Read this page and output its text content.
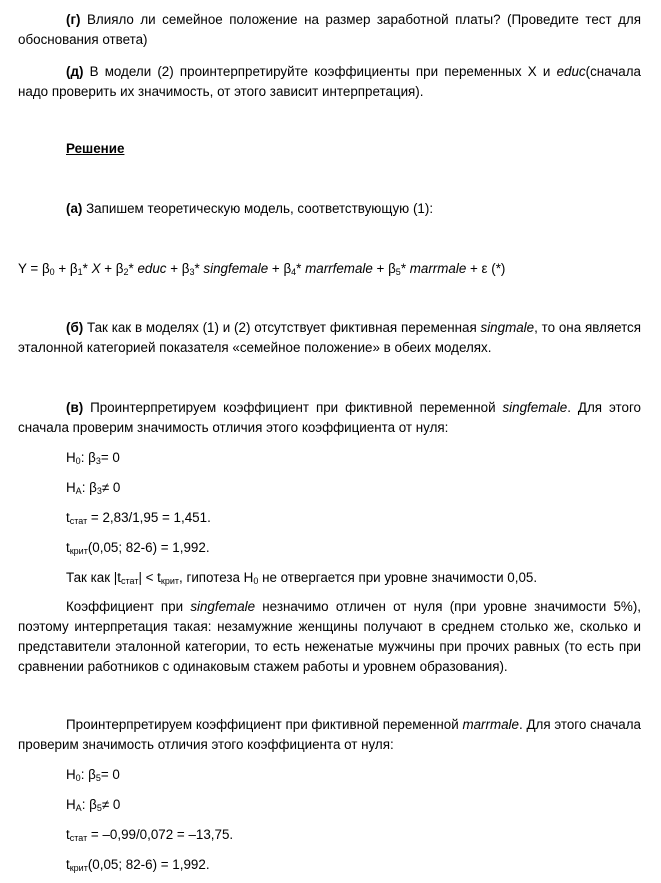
(г) Влияло ли семейное положение на размер заработной платы? (Проведите тест для обоснования ответа)

(д) В модели (2) проинтерпретируйте коэффициенты при переменных X и educ(сначала надо проверить их значимость, от этого зависит интерпретация).

Решение

(а) Запишем теоретическую модель, соответствующую (1):

$Y = \beta_0 + \beta_1*$ $X + \beta_2*$ educ + $\beta_3*$ singfemale + $\beta_4*$ marrfemale + $\beta_5*$ marrmale + ε (*)

(б) Так как в моделях (1) и (2) отсутствует фиктивная переменная singmale, то она является эталонной категорией показателя «семейное положение» в обеих моделях.

(в) Проинтерпретируем коэффициент при фиктивной переменной singfemale. Для этого сначала проверим значимость отличия этого коэффициента от нуля:

$H_0$: $\beta_3= 0$

$H_A$: $\beta_3\ne 0$

$t_{стат} = 2,83/1,95 = 1,451$.

$t_{крит}(0,05$; 82-6) = 1,992.

Так как $|t_{стат}| < t_{крит}$, гипотеза $H_0$ не отвергается при уровне значимости 0,05.

Коэффициент при singfemale незначимо отличен от нуля (при уровне значимости 5%), поэтому интерпретация такая: незамужние женщины получают в среднем столько же, сколько и представители эталонной категории, то есть неженатые мужчины при прочих равных (то есть при сравнении работников с одинаковым стажем работы и уровнем образования).

Проинтерпретируем коэффициент при фиктивной переменной marrmale. Для этого сначала проверим значимость отличия этого коэффициента от нуля:

$H_0$: $\beta_5= 0$

$H_A$: $\beta_5\ne 0$

$t_{стат} = -0,99/0,072 = -13,75$.

$t_{крит}(0,05$; 82-6) = 1,992.
